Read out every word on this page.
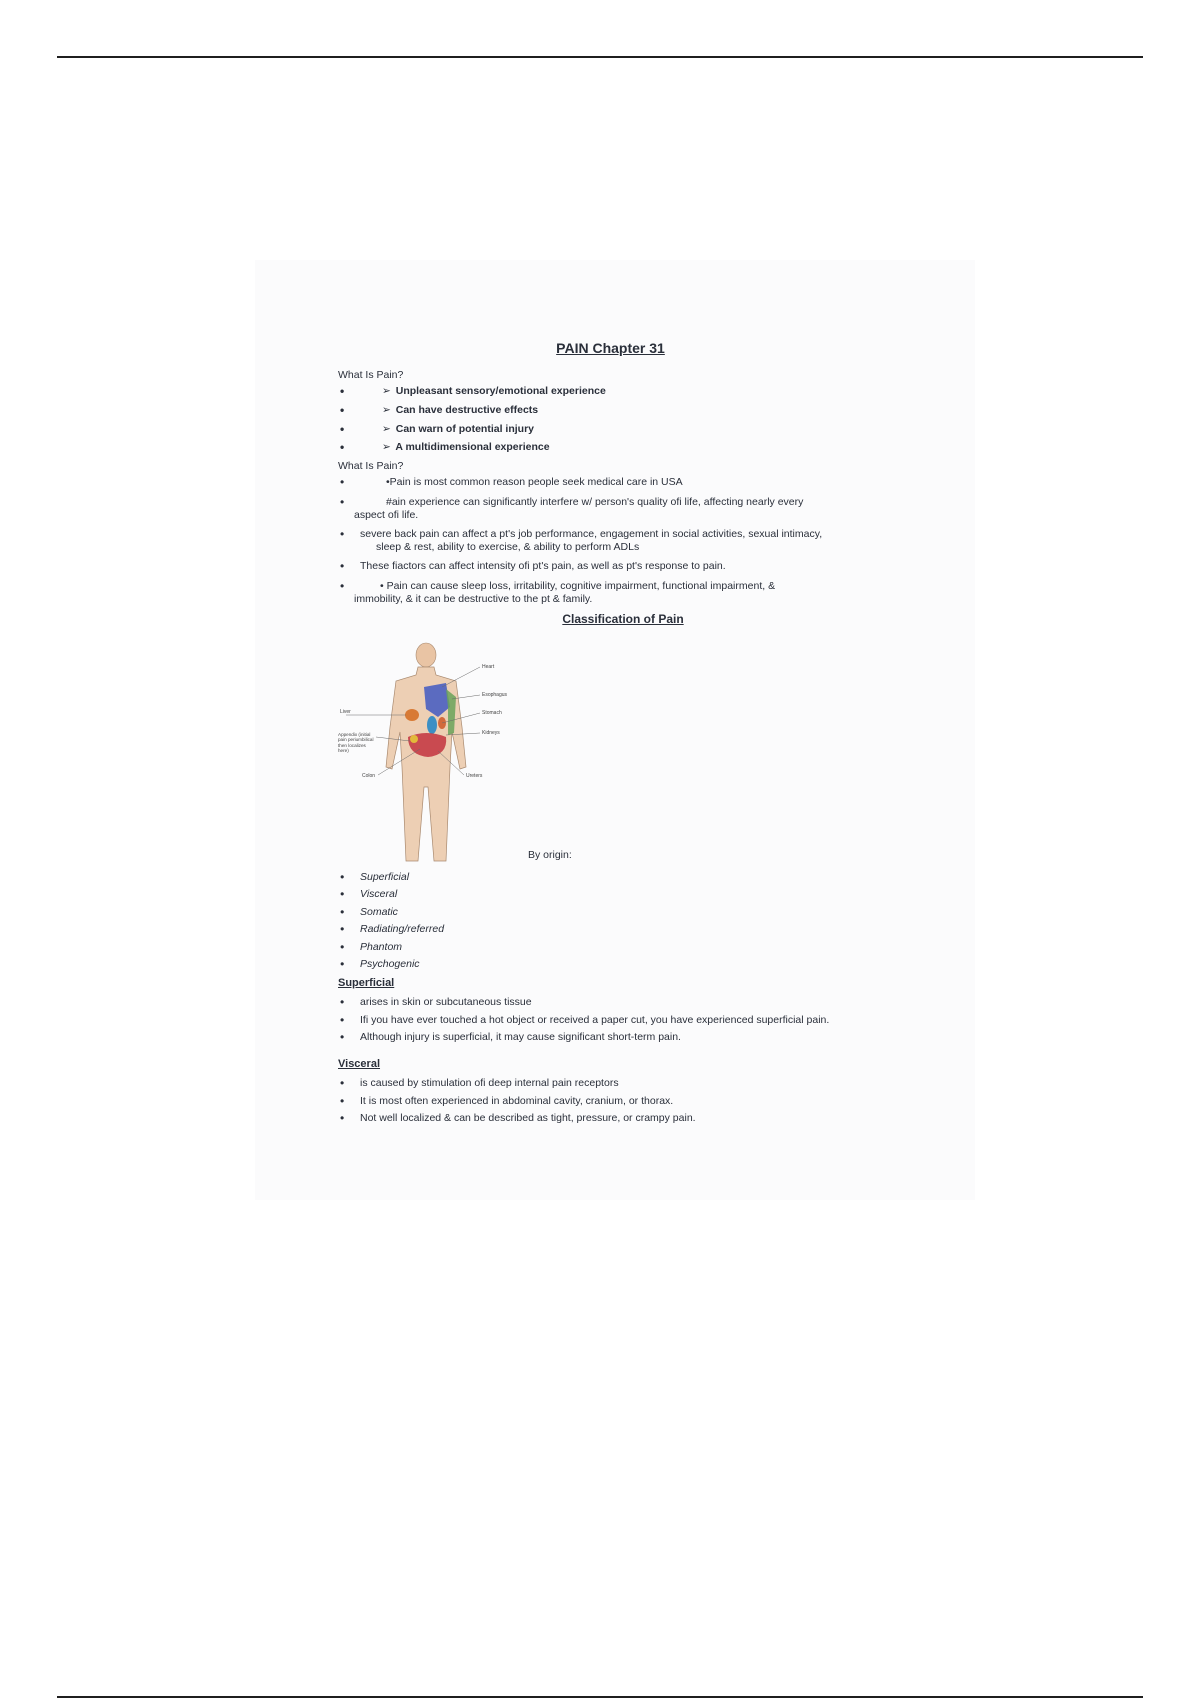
PAIN Chapter 31
What Is Pain?
• ➢ Unpleasant sensory/emotional experience
• ➢ Can have destructive effects
• ➢ Can warn of potential injury
• ➢ A multidimensional experience
What Is Pain?
• •Pain is most common reason people seek medical care in USA
• #ain experience can significantly interfere w/ person's quality ofi life, affecting nearly every
aspect ofi life.
• severe back pain can affect a pt's job performance, engagement in social activities, sexual intimacy,
sleep & rest, ability to exercise, & ability to perform ADLs
• These fiactors can affect intensity ofi pt's pain, as well as pt's response to pain.
• • Pain can cause sleep loss, irritability, cognitive impairment, functional impairment, &
immobility, & it can be destructive to the pt & family.
Classification of Pain
Heart
Esophagus
Stomach
Kidneys
Liver
Ureters
Colon
Appendix (initial pain periumbilical then localizes here)
By origin:
• Superficial
• Visceral
• Somatic
• Radiating/referred
• Phantom
• Psychogenic
Superficial
• arises in skin or subcutaneous tissue
• Ifi you have ever touched a hot object or received a paper cut, you have experienced superficial pain.
• Although injury is superficial, it may cause significant short-term pain.
Visceral
• is caused by stimulation ofi deep internal pain receptors
• It is most often experienced in abdominal cavity, cranium, or thorax.
• Not well localized & can be described as tight, pressure, or crampy pain.
